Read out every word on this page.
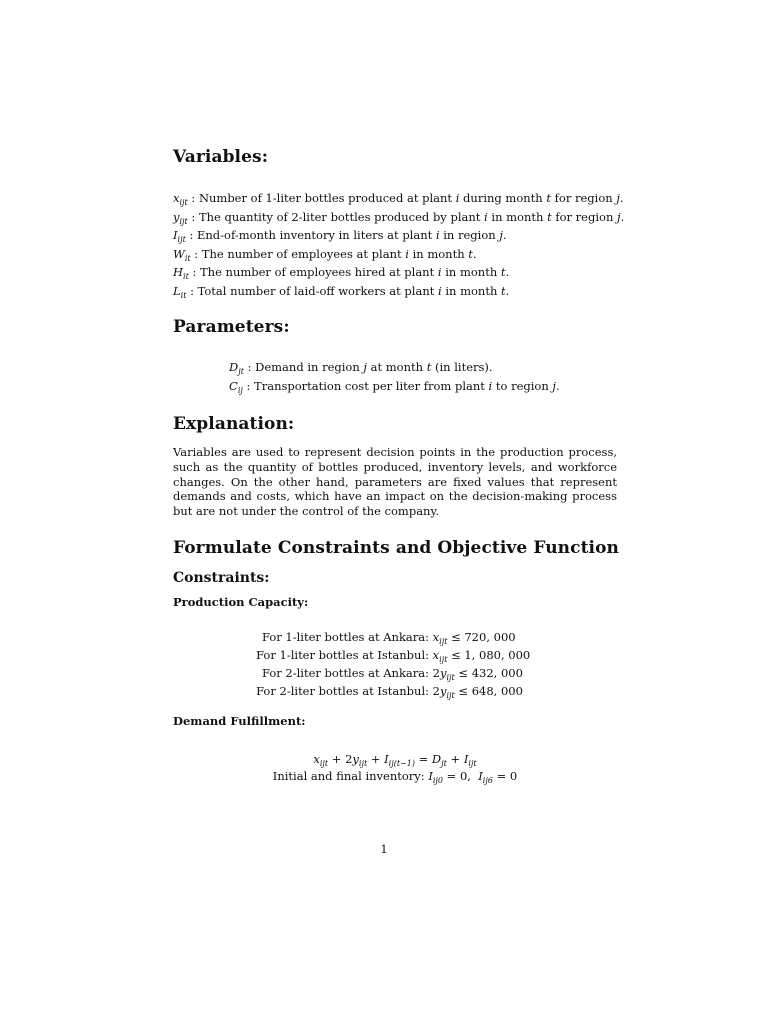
Variables:
$x_{ijt}$ : Number of 1-liter bottles produced at plant i during month t for region j.
$y_{ijt}$ : The quantity of 2-liter bottles produced by plant i in month t for region j.
$I_{ijt}$ : End-of-month inventory in liters at plant i in region j.
$W_{it}$ : The number of employees at plant i in month t.
$H_{it}$ : The number of employees hired at plant i in month t.
$L_{it}$ : Total number of laid-off workers at plant i in month t.
Parameters:
$D_{jt}$ : Demand in region j at month t (in liters).
$C_{ij}$ : Transportation cost per liter from plant i to region j.
Explanation:

Variables are used to represent decision points in the production process, such as the quantity of bottles produced, inventory levels, and workforce changes. On the other hand, parameters are fixed values that represent demands and costs, which have an impact on the decision-making process but are not under the control of the company.

Formulate Constraints and Objective Function
Constraints:
Production Capacity:
For 1-liter bottles at Ankara: $x_{ijt} \le 720$, 000
For 1-liter bottles at Istanbul: $x_{ijt} \le 1$, 080, 000
For 2-liter bottles at Ankara: $2y_{ijt} \le 432$, 000
For 2-liter bottles at Istanbul: $2y_{ijt} \le 648$, 000
Demand Fulfillment:
$x_{ijt} + 2y_{ijt} + I_{ij(t-1)} = D_{jt} + I_{ijt}$
Initial and final inventory: $I_{ij0} = 0$,  $I_{ij6} = 0$
1
